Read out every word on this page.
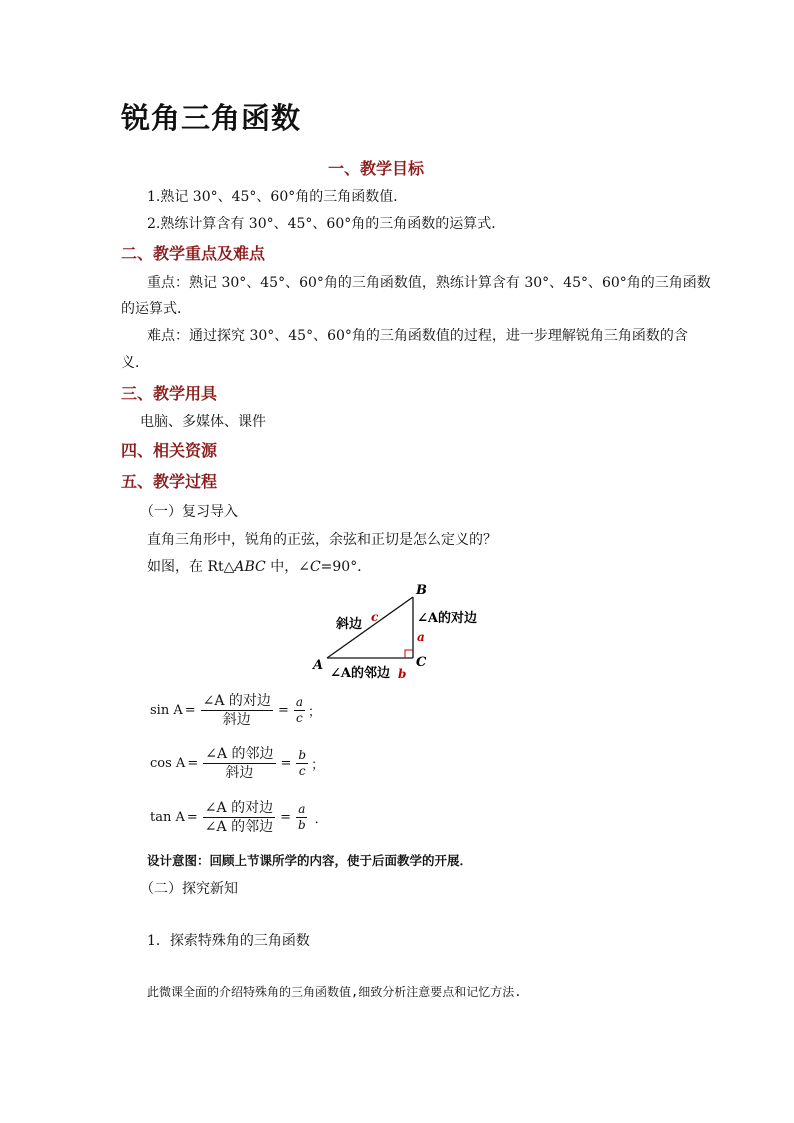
锐角三角函数
一、教学目标
1.熟记 30°、45°、60°角的三角函数值．
2.熟练计算含有 30°、45°、60°角的三角函数的运算式．
二、教学重点及难点
重点：熟记 30°、45°、60°角的三角函数值，熟练计算含有 30°、45°、60°角的三角函数
的运算式．
难点：通过探究 30°、45°、60°角的三角函数值的过程，进一步理解锐角三角函数的含
义．
三、教学用具
电脑、多媒体、课件
四、相关资源
五、教学过程
（一）复习导入
直角三角形中，锐角的正弦，余弦和正切是怎么定义的？
如图，在 Rt△ABC 中，∠C=90°．
B
A	C
斜边 c	∠A的对边
a
∠A的邻边 b
$\sin A = \frac{\text{∠A 的对边}}{\text{斜边}} = \frac{a}{c}$ ；
$\cos A = \frac{\text{∠A 的邻边}}{\text{斜边}} = \frac{b}{c}$ ；
$\tan A = \frac{\text{∠A 的对边}}{\text{∠A 的邻边}} = \frac{a}{b}$ ．
设计意图：回顾上节课所学的内容，使于后面教学的开展．
（二）探究新知
1．探索特殊角的三角函数
此微课全面的介绍特殊角的三角函数值,细致分析注意要点和记忆方法.
